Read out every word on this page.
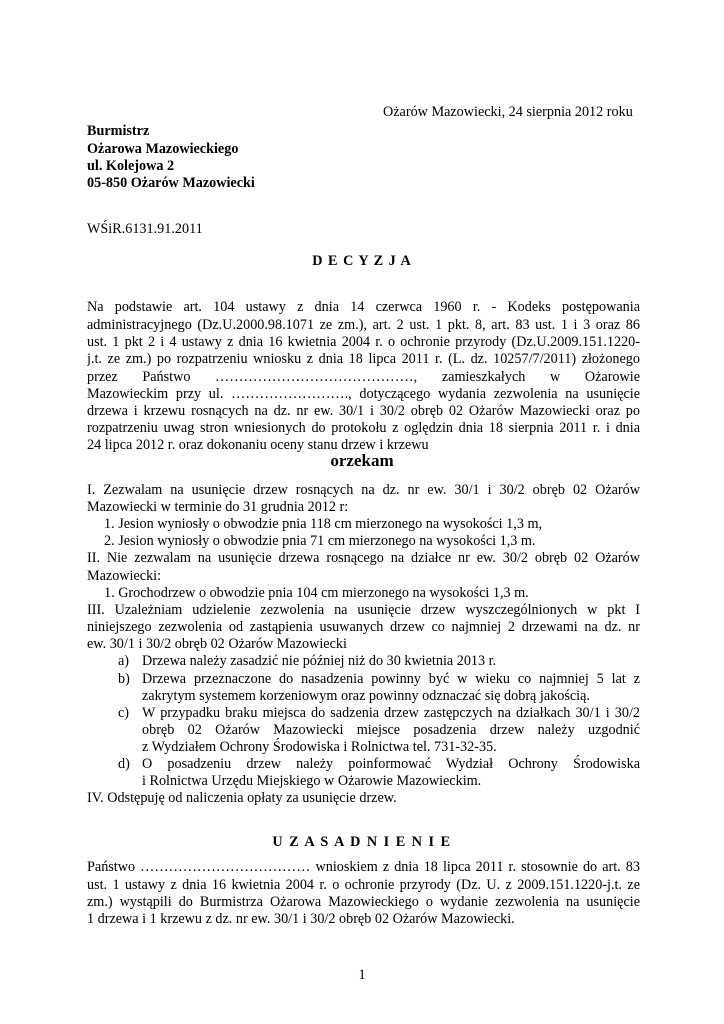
Ożarów Mazowiecki, 24 sierpnia 2012 roku
Burmistrz
Ożarowa Mazowieckiego
ul. Kolejowa 2
05-850 Ożarów Mazowiecki
WŚiR.6131.91.2011
D E C Y Z J A
Na podstawie art. 104 ustawy z dnia 14 czerwca 1960 r. - Kodeks postępowania
administracyjnego (Dz.U.2000.98.1071 ze zm.), art. 2 ust. 1 pkt. 8, art. 83 ust. 1 i 3 oraz 86
ust. 1 pkt 2 i 4 ustawy z dnia 16 kwietnia 2004 r. o ochronie przyrody (Dz.U.2009.151.1220-
j.t. ze zm.) po rozpatrzeniu wniosku z dnia 18 lipca 2011 r. (L. dz. 10257/7/2011) złożonego
przez Państwo ……………………………………, zamieszkałych w Ożarowie
Mazowieckim przy ul. ……………………., dotyczącego wydania zezwolenia na usunięcie
drzewa i krzewu rosnących na dz. nr ew. 30/1 i 30/2 obręb 02 Ożarów Mazowiecki oraz po
rozpatrzeniu uwag stron wniesionych do protokołu z oględzin dnia 18 sierpnia 2011 r. i dnia
24 lipca 2012 r. oraz dokonaniu oceny stanu drzew i krzewu
orzekam
I. Zezwalam na usunięcie drzew rosnących na dz. nr ew. 30/1 i 30/2 obręb 02 Ożarów
Mazowiecki w terminie do 31 grudnia 2012 r:
1. Jesion wyniosły o obwodzie pnia 118 cm mierzonego na wysokości 1,3 m,
2. Jesion wyniosły o obwodzie pnia 71 cm mierzonego na wysokości 1,3 m.
II. Nie zezwalam na usunięcie drzewa rosnącego na działce nr ew. 30/2 obręb 02 Ożarów
Mazowiecki:
1. Grochodrzew o obwodzie pnia 104 cm mierzonego na wysokości 1,3 m.
III. Uzależniam udzielenie zezwolenia na usunięcie drzew wyszczególnionych w pkt I
niniejszego zezwolenia od zastąpienia usuwanych drzew co najmniej 2 drzewami na dz. nr
ew. 30/1 i 30/2 obręb 02 Ożarów Mazowiecki
a) Drzewa należy zasadzić nie później niż do 30 kwietnia 2013 r.
b) Drzewa przeznaczone do nasadzenia powinny być w wieku co najmniej 5 lat z
zakrytym systemem korzeniowym oraz powinny odznaczać się dobrą jakością.
c) W przypadku braku miejsca do sadzenia drzew zastępczych na działkach 30/1 i 30/2
obręb 02 Ożarów Mazowiecki miejsce posadzenia drzew należy uzgodnić
z Wydziałem Ochrony Środowiska i Rolnictwa tel. 731-32-35.
d) O posadzeniu drzew należy poinformować Wydział Ochrony Środowiska
i Rolnictwa Urzędu Miejskiego w Ożarowie Mazowieckim.
IV. Odstępuję od naliczenia opłaty za usunięcie drzew.
U Z A S A D N I E N I E
Państwo ……………………………… wnioskiem z dnia 18 lipca 2011 r. stosownie do art. 83
ust. 1 ustawy z dnia 16 kwietnia 2004 r. o ochronie przyrody (Dz. U. z 2009.151.1220-j.t. ze
zm.) wystąpili do Burmistrza Ożarowa Mazowieckiego o wydanie zezwolenia na usunięcie
1 drzewa i 1 krzewu z dz. nr ew. 30/1 i 30/2 obręb 02 Ożarów Mazowiecki.
1
